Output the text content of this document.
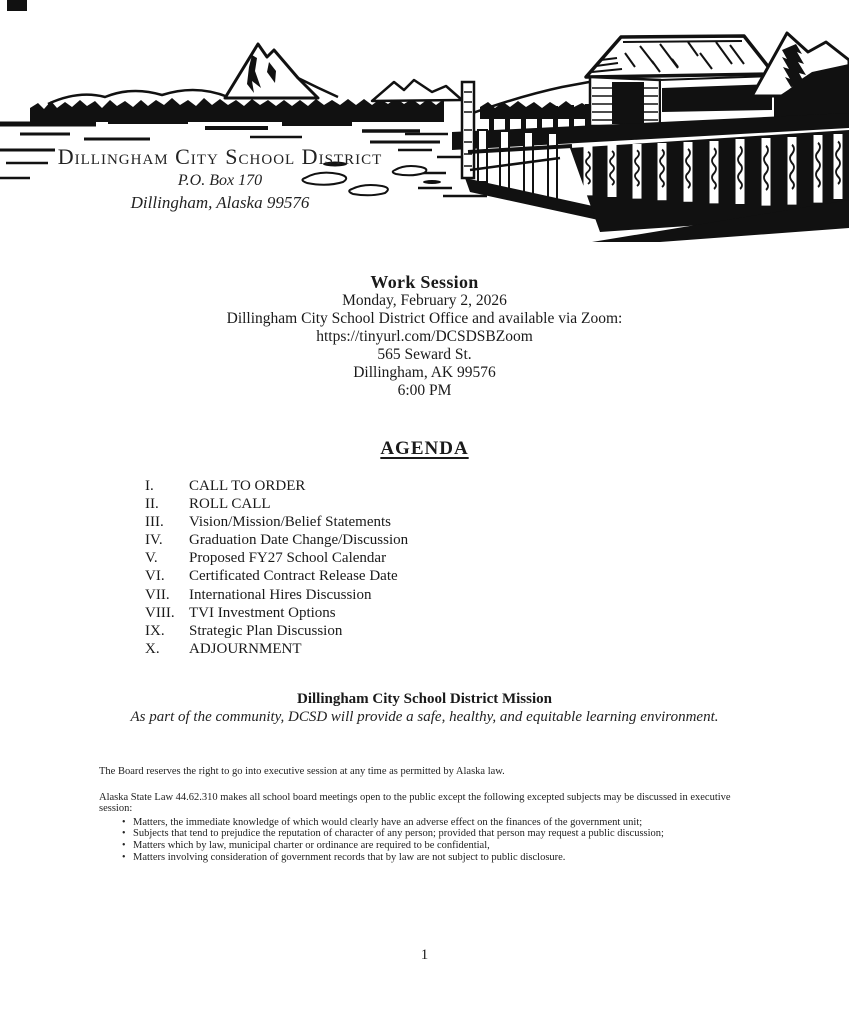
Dillingham City School District
P.O. Box 170
Dillingham, Alaska 99576
Work Session
Monday, February 2, 2026
Dillingham City School District Office and available via Zoom:
https://tinyurl.com/DCSDSBZoom
565 Seward St.
Dillingham, AK 99576
6:00 PM
AGENDA
I.	CALL TO ORDER
II.	ROLL CALL
III.	Vision/Mission/Belief Statements
IV.	Graduation Date Change/Discussion
V.	Proposed FY27 School Calendar
VI.	Certificated Contract Release Date
VII.	International Hires Discussion
VIII. TVI Investment Options
IX.	Strategic Plan Discussion
X.	ADJOURNMENT
Dillingham City School District Mission
As part of the community, DCSD will provide a safe, healthy, and equitable learning environment.
The Board reserves the right to go into executive session at any time as permitted by Alaska law.
Alaska State Law 44.62.310 makes all school board meetings open to the public except the following excepted subjects may be discussed in executive session:
• Matters, the immediate knowledge of which would clearly have an adverse effect on the finances of the government unit;
• Subjects that tend to prejudice the reputation of character of any person; provided that person may request a public discussion;
• Matters which by law, municipal charter or ordinance are required to be confidential,
• Matters involving consideration of government records that by law are not subject to public disclosure.
1
